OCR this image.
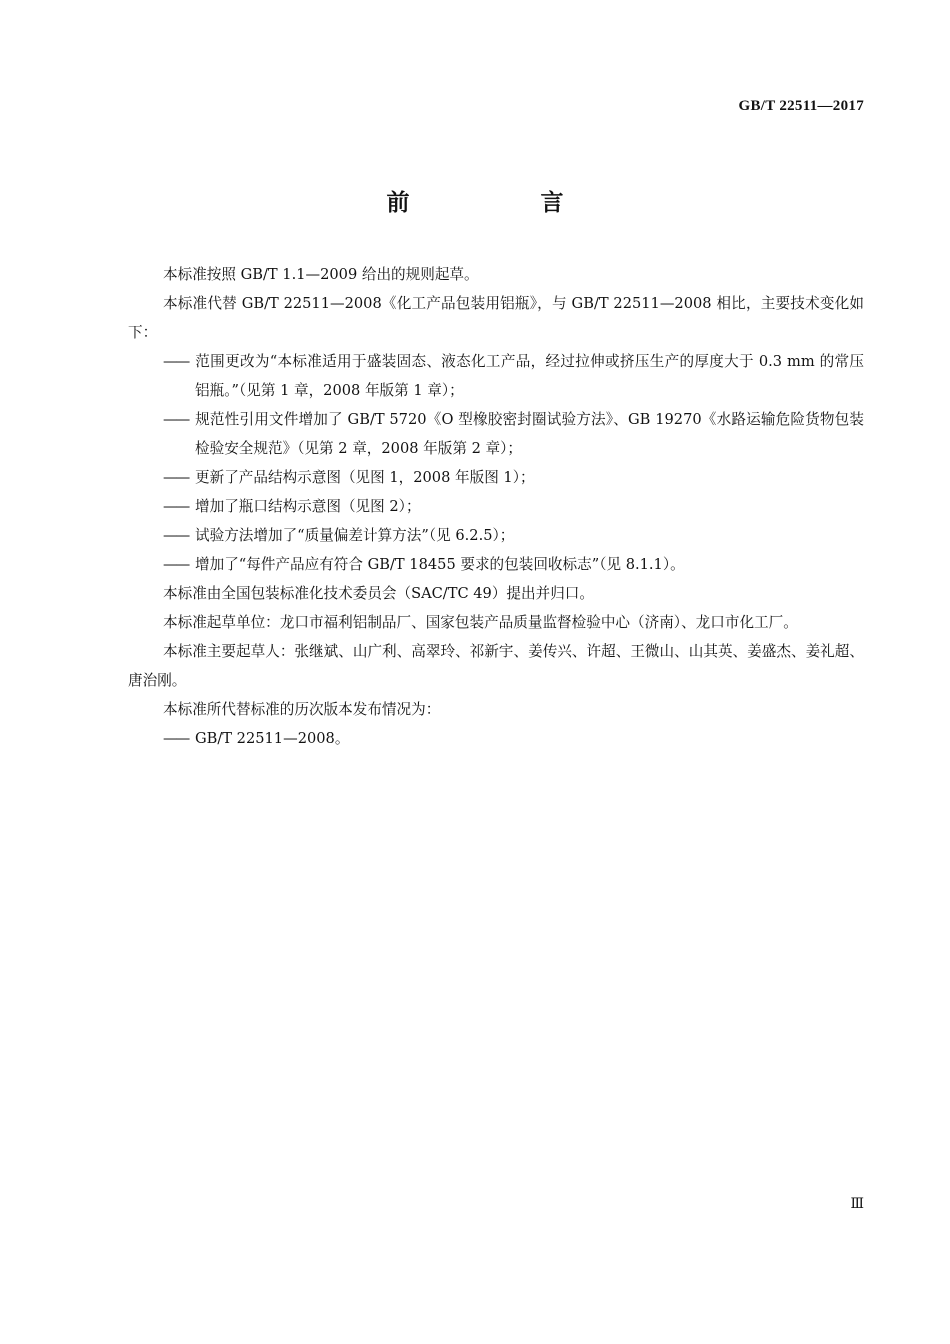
GB/T 22511—2017
前　言

本标准按照 GB/T 1.1—2009 给出的规则起草。

本标准代替 GB/T 22511—2008《化工产品包装用铝瓶》，与 GB/T 22511—2008 相比，主要技术变化如下：

—— 范围更改为“本标准适用于盛装固态、液态化工产品，经过拉伸或挤压生产的厚度大于 0.3 mm 的常压铝瓶。”（见第 1 章，2008 年版第 1 章）；

—— 规范性引用文件增加了 GB/T 5720《O 型橡胶密封圈试验方法》、GB 19270《水路运输危险货物包装检验安全规范》（见第 2 章，2008 年版第 2 章）；

—— 更新了产品结构示意图（见图 1，2008 年版图 1）；

—— 增加了瓶口结构示意图（见图 2）；

—— 试验方法增加了“质量偏差计算方法”（见 6.2.5）；

—— 增加了“每件产品应有符合 GB/T 18455 要求的包装回收标志”（见 8.1.1）。

本标准由全国包装标准化技术委员会（SAC/TC 49）提出并归口。

本标准起草单位：龙口市福利铝制品厂、国家包装产品质量监督检验中心（济南）、龙口市化工厂。

本标准主要起草人：张继斌、山广利、高翠玲、祁新宇、姜传兴、许超、王微山、山其英、姜盛杰、姜礼超、唐治刚。

本标准所代替标准的历次版本发布情况为：

—— GB/T 22511—2008。

Ⅲ
